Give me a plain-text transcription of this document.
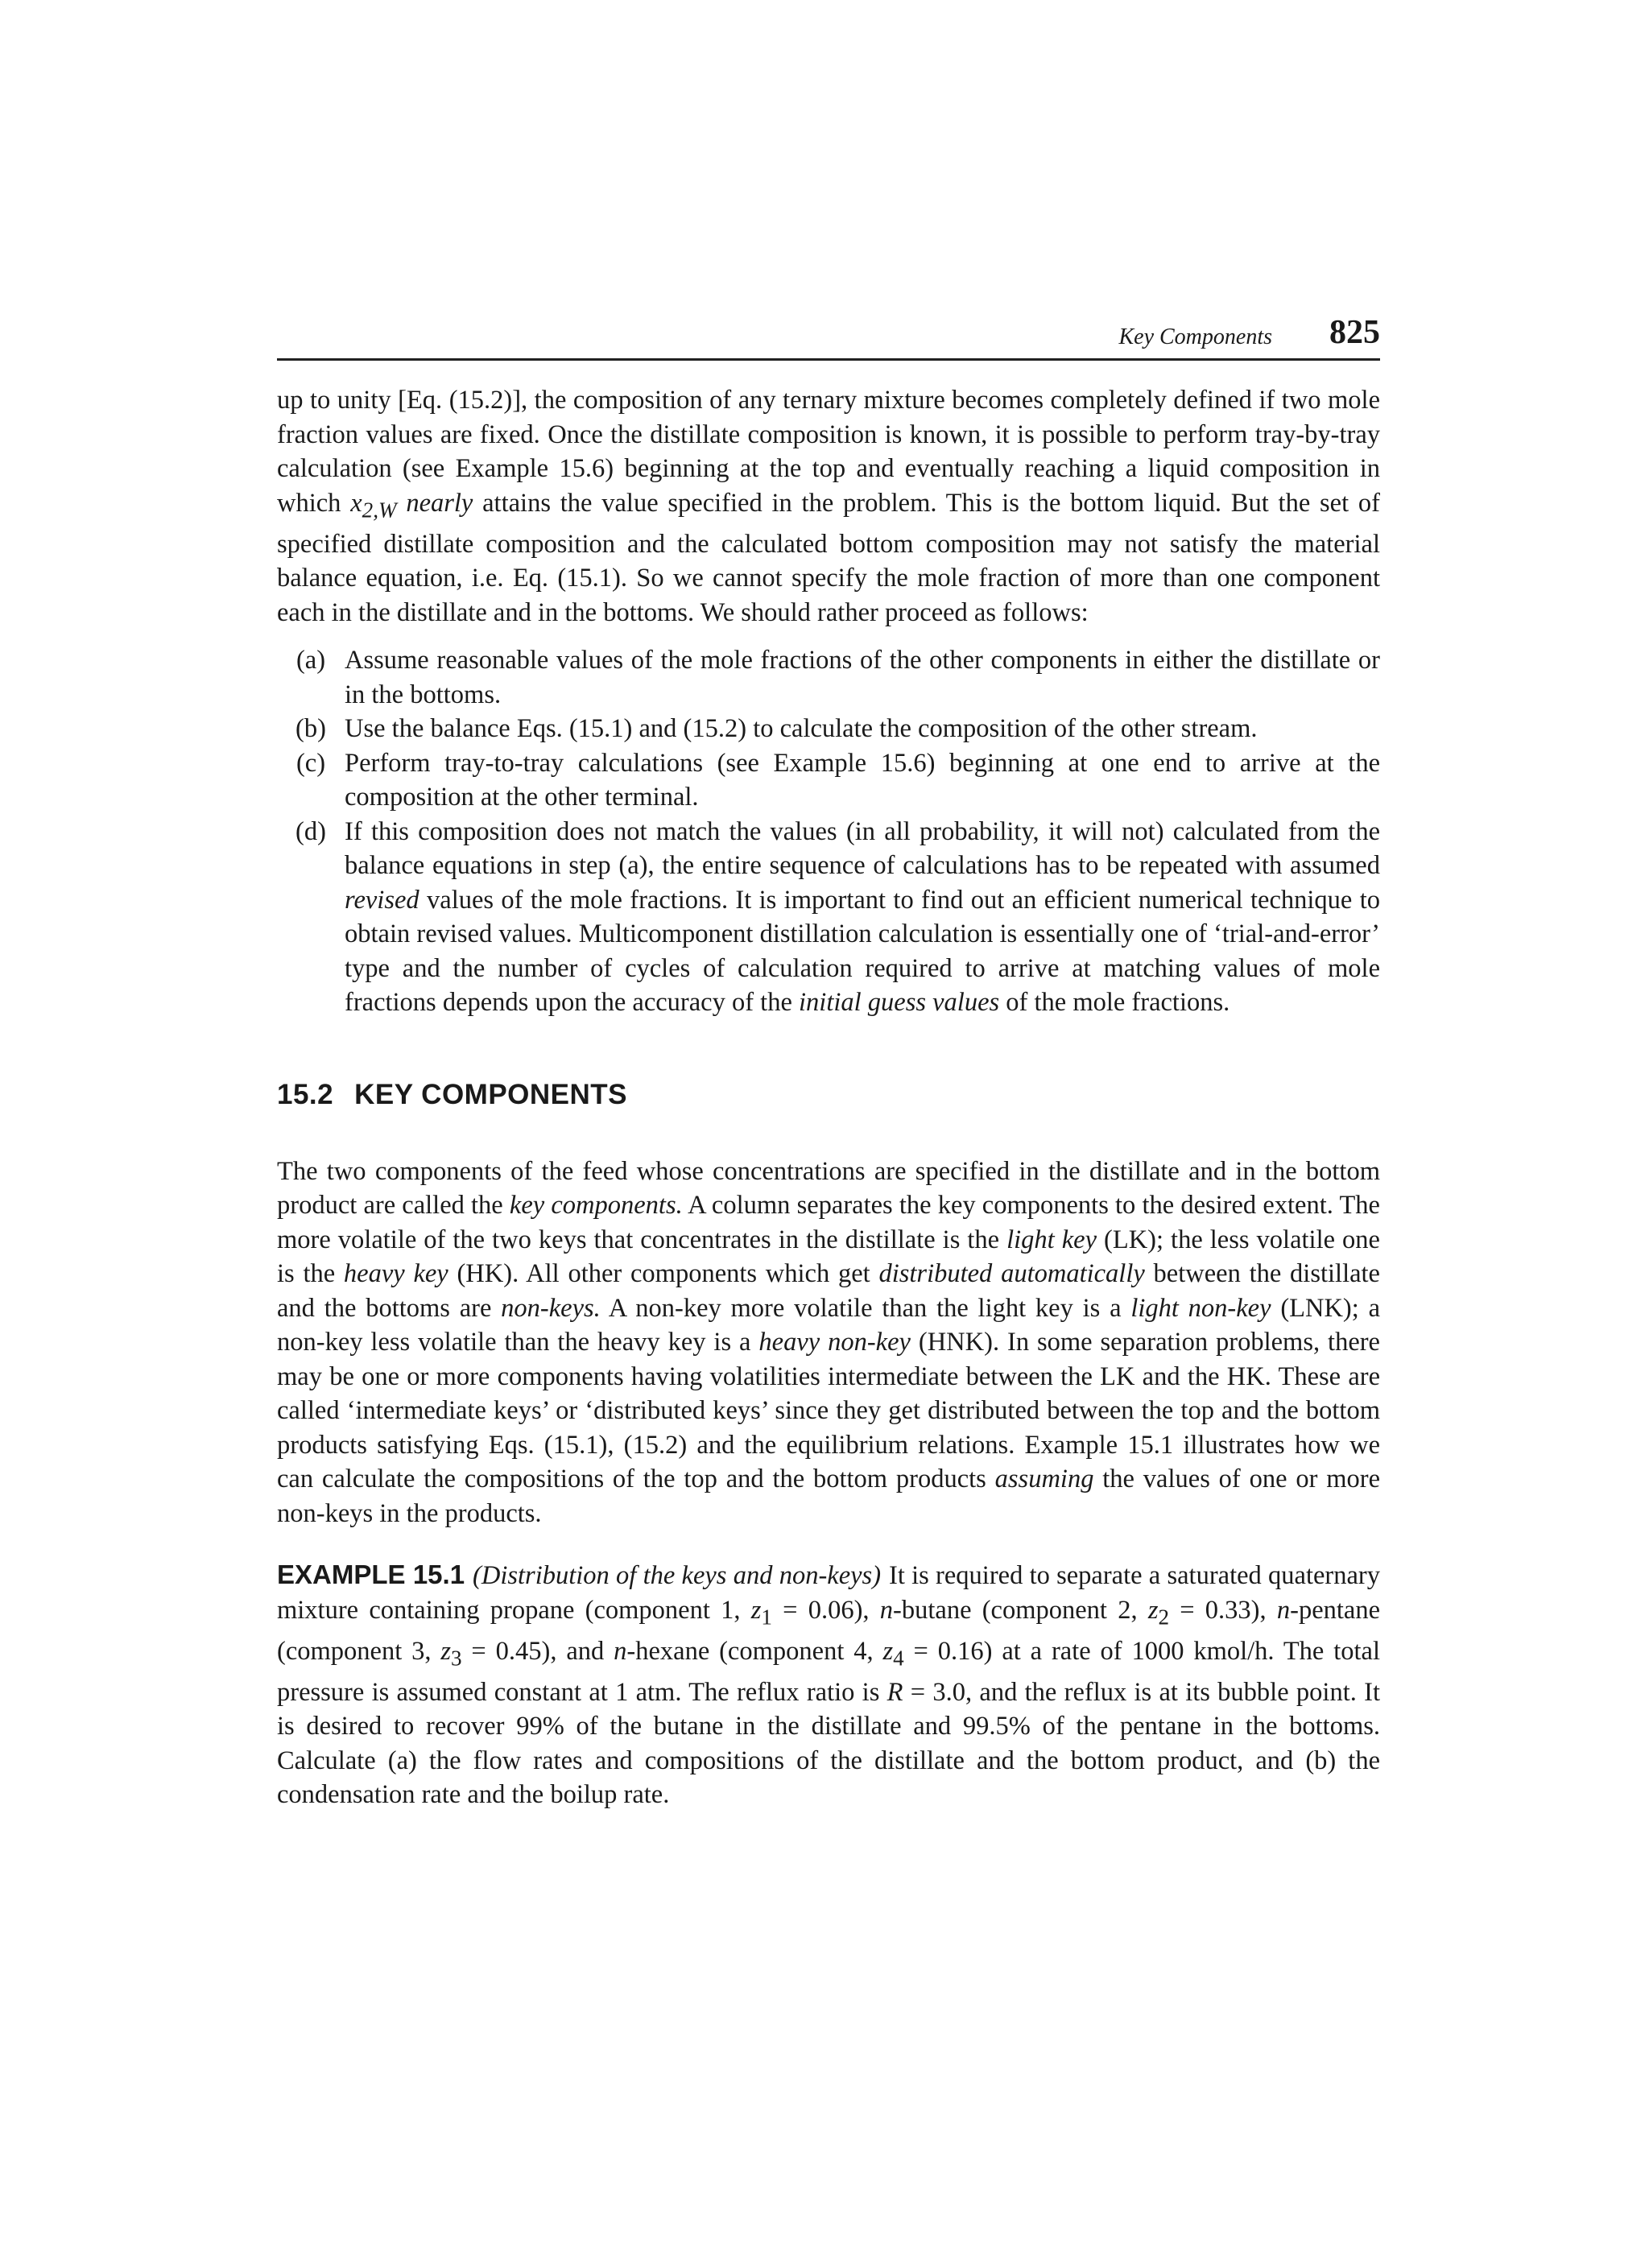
Key Components 825

up to unity [Eq. (15.2)], the composition of any ternary mixture becomes completely defined if two mole fraction values are fixed. Once the distillate composition is known, it is possible to perform tray-by-tray calculation (see Example 15.6) beginning at the top and eventually reaching a liquid composition in which $x_{2,W}$ nearly attains the value specified in the problem. This is the bottom liquid. But the set of specified distillate composition and the calculated bottom composition may not satisfy the material balance equation, i.e. Eq. (15.1). So we cannot specify the mole fraction of more than one component each in the distillate and in the bottoms. We should rather proceed as follows:

(a) Assume reasonable values of the mole fractions of the other components in either the distillate or in the bottoms.
(b) Use the balance Eqs. (15.1) and (15.2) to calculate the composition of the other stream.
(c) Perform tray-to-tray calculations (see Example 15.6) beginning at one end to arrive at the composition at the other terminal.
(d) If this composition does not match the values (in all probability, it will not) calculated from the balance equations in step (a), the entire sequence of calculations has to be repeated with assumed revised values of the mole fractions. It is important to find out an efficient numerical technique to obtain revised values. Multicomponent distillation calculation is essentially one of ‘trial-and-error’ type and the number of cycles of calculation required to arrive at matching values of mole fractions depends upon the accuracy of the initial guess values of the mole fractions.
15.2 KEY COMPONENTS

The two components of the feed whose concentrations are specified in the distillate and in the bottom product are called the key components. A column separates the key components to the desired extent. The more volatile of the two keys that concentrates in the distillate is the light key (LK); the less volatile one is the heavy key (HK). All other components which get distributed automatically between the distillate and the bottoms are non-keys. A non-key more volatile than the light key is a light non-key (LNK); a non-key less volatile than the heavy key is a heavy non-key (HNK). In some separation problems, there may be one or more components having volatilities intermediate between the LK and the HK. These are called ‘intermediate keys’ or ‘distributed keys’ since they get distributed between the top and the bottom products satisfying Eqs. (15.1), (15.2) and the equilibrium relations. Example 15.1 illustrates how we can calculate the compositions of the top and the bottom products assuming the values of one or more non-keys in the products.

EXAMPLE 15.1 (Distribution of the keys and non-keys) It is required to separate a saturated quaternary mixture containing propane (component 1, $z_1 = 0.06$), n-butane (component 2, $z_2 = 0.33$), n-pentane (component 3, $z_3 = 0.45$), and n-hexane (component 4, $z_4 = 0.16$) at a rate of 1000 kmol/h. The total pressure is assumed constant at 1 atm. The reflux ratio is R = 3.0, and the reflux is at its bubble point. It is desired to recover 99% of the butane in the distillate and 99.5% of the pentane in the bottoms. Calculate (a) the flow rates and compositions of the distillate and the bottom product, and (b) the condensation rate and the boilup rate.
